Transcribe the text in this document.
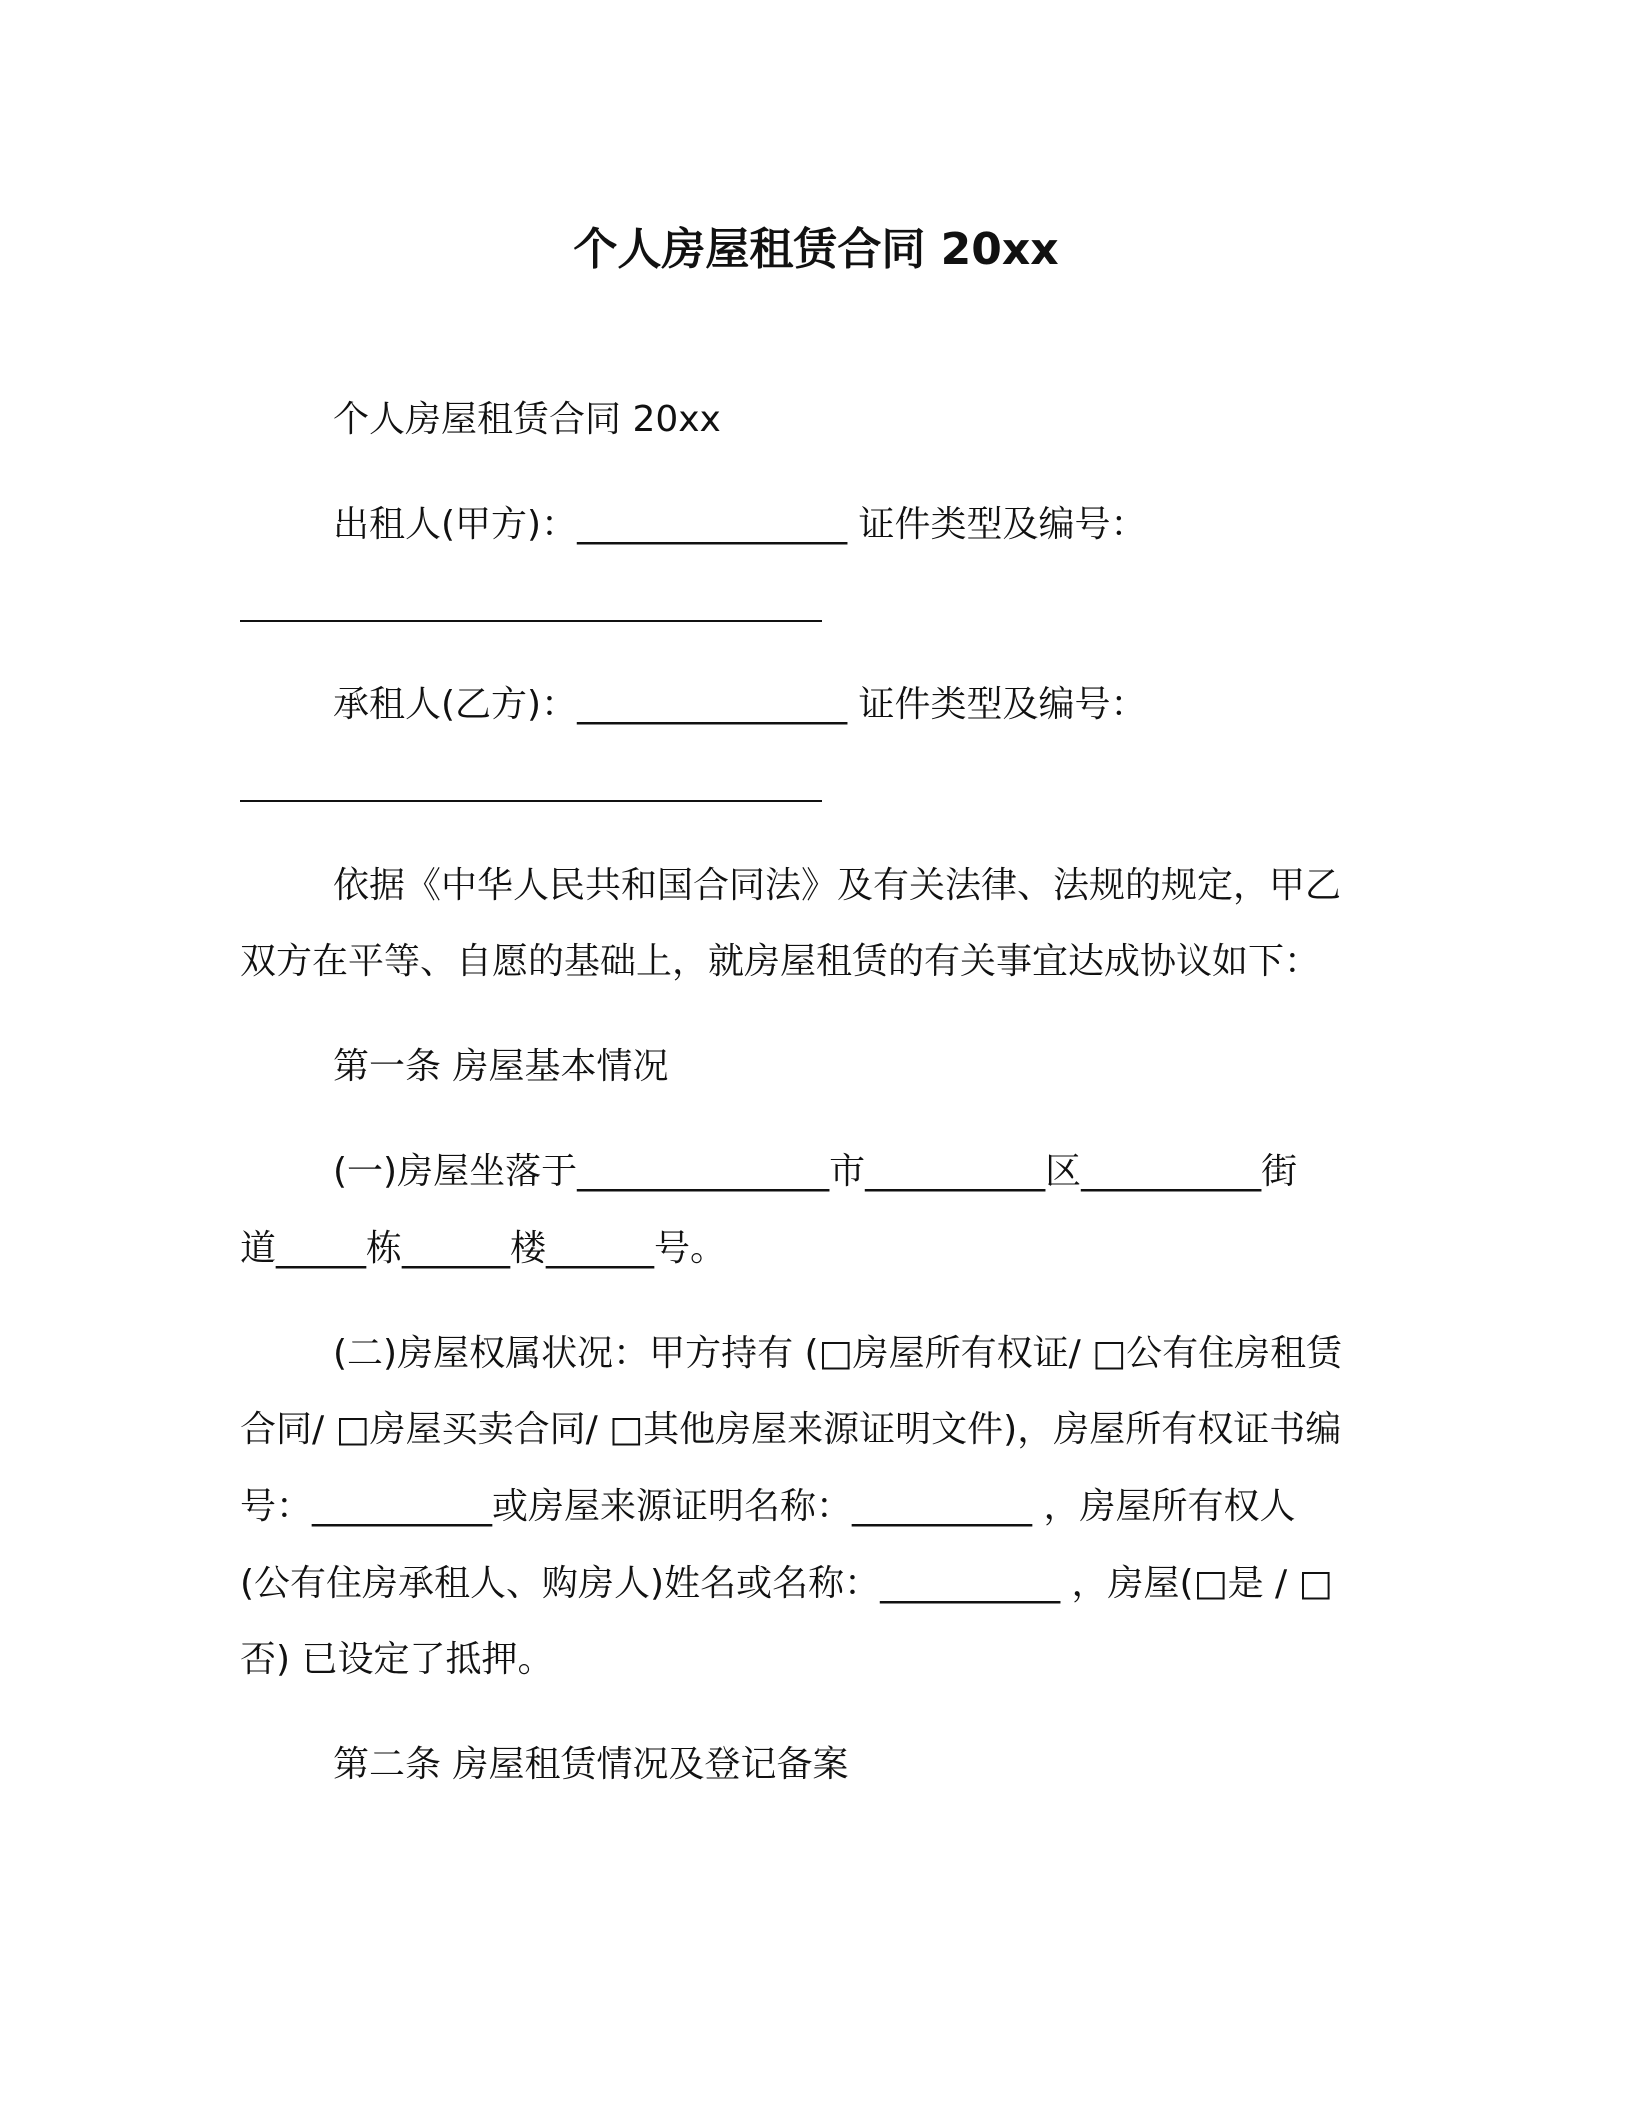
个人房屋租赁合同 20xx

个人房屋租赁合同 20xx

出租人(甲方)：_______________ 证件类型及编号：

承租人(乙方)：_______________ 证件类型及编号：

依据《中华人民共和国合同法》及有关法律、法规的规定，甲乙

双方在平等、自愿的基础上，就房屋租赁的有关事宜达成协议如下：

第一条 房屋基本情况

(一)房屋坐落于______________市__________区__________街

道_____栋______楼______号。

(二)房屋权属状况：甲方持有 (□房屋所有权证/ □公有住房租赁

合同/ □房屋买卖合同/ □其他房屋来源证明文件)，房屋所有权证书编

号：__________或房屋来源证明名称：__________ ，房屋所有权人

(公有住房承租人、购房人)姓名或名称：__________ ，房屋(□是 / □

否) 已设定了抵押。

第二条 房屋租赁情况及登记备案
